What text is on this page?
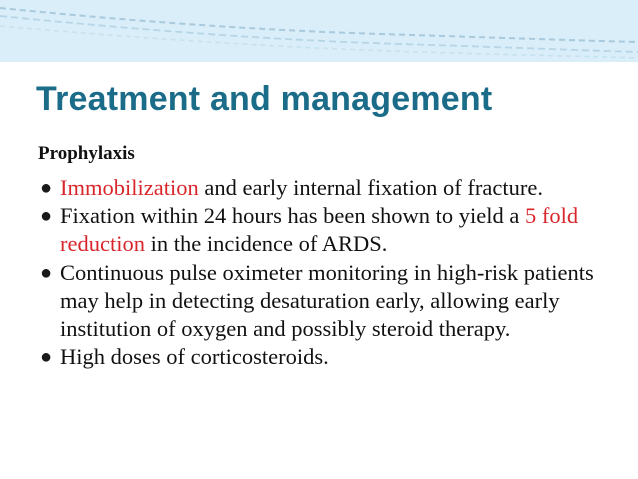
Treatment and management
Prophylaxis
● Immobilization and early internal fixation of fracture.
● Fixation within 24 hours has been shown to yield a 5 fold reduction in the incidence of ARDS.
● Continuous pulse oximeter monitoring in high-risk patients may help in detecting desaturation early, allowing early institution of oxygen and possibly steroid therapy.
● High doses of corticosteroids.
